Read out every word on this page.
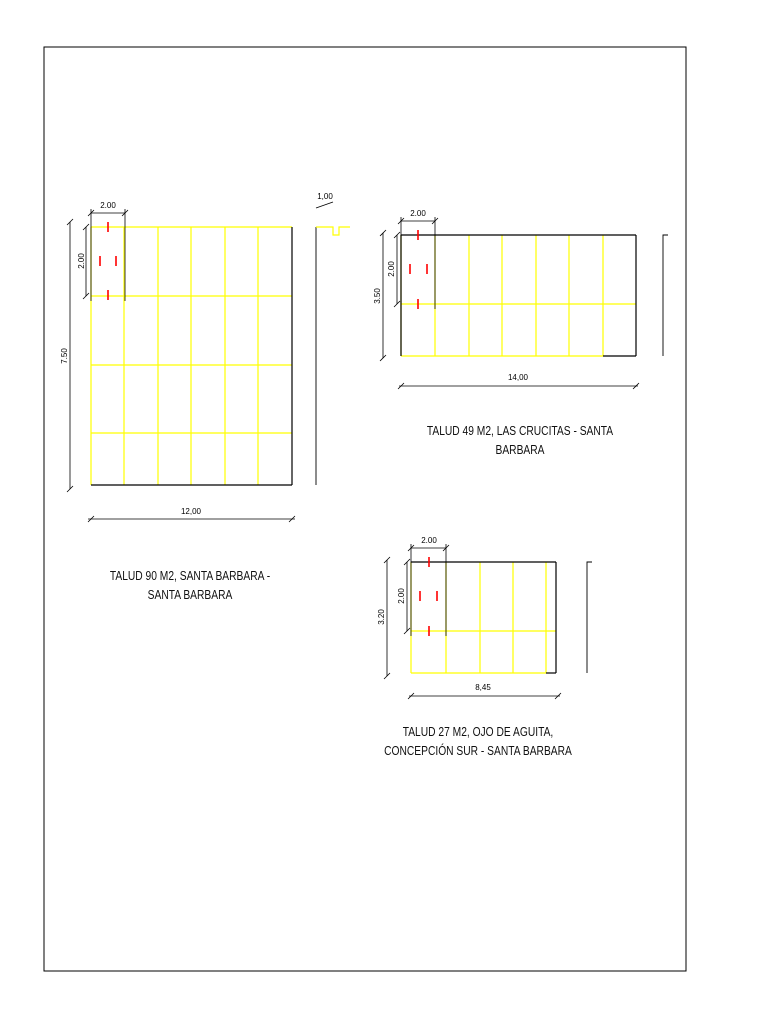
2.00
2.00
7.50
12,00
1,00
2.00
2.00
3.50
14,00
2.00
2.00
3.20
8,45
TALUD 90 M2, SANTA BARBARA -
SANTA BARBARA
TALUD 49 M2, LAS CRUCITAS - SANTA
BARBARA
TALUD 27 M2, OJO DE AGUITA,
CONCEPCIÓN SUR - SANTA BARBARA
